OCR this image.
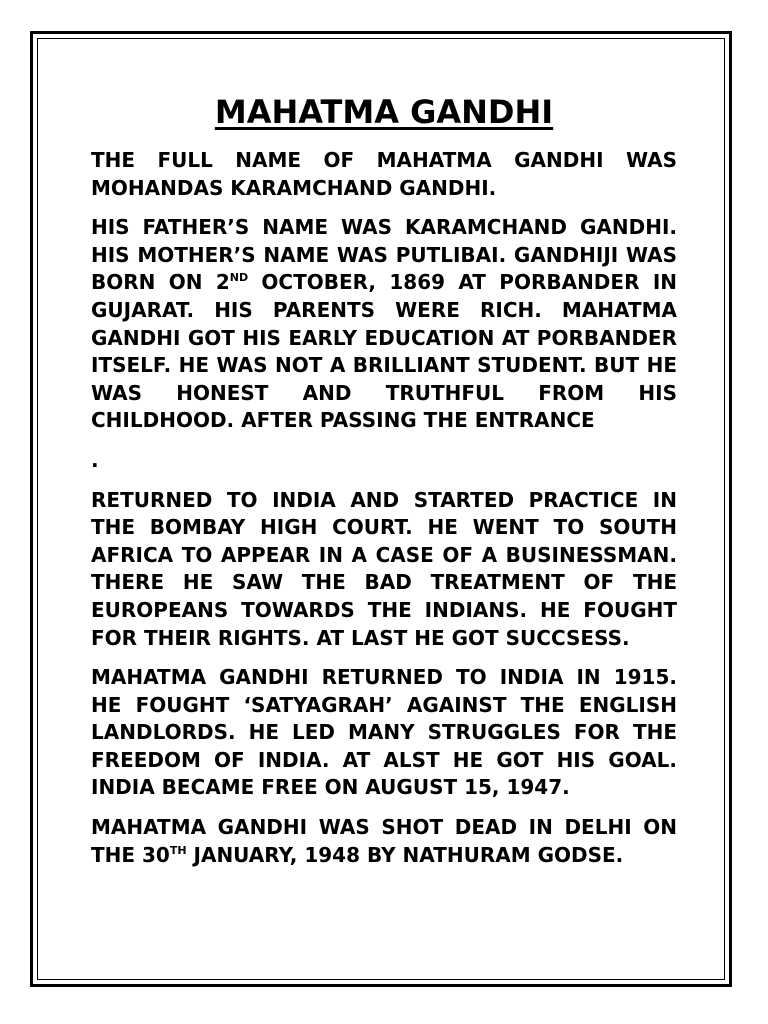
MAHATMA GANDHI

THE FULL NAME OF MAHATMA GANDHI WAS MOHANDAS KARAMCHAND GANDHI.

HIS FATHER’S NAME WAS KARAMCHAND GANDHI. HIS MOTHER’S NAME WAS PUTLIBAI. GANDHIJI WAS BORN ON 2ND OCTOBER, 1869 AT PORBANDER IN GUJARAT. HIS PARENTS WERE RICH. MAHATMA GANDHI GOT HIS EARLY EDUCATION AT PORBANDER ITSELF. HE WAS NOT A BRILLIANT STUDENT. BUT HE WAS HONEST AND TRUTHFUL FROM HIS CHILDHOOD. AFTER PASSING THE ENTRANCE

.

RETURNED TO INDIA AND STARTED PRACTICE IN THE BOMBAY HIGH COURT. HE WENT TO SOUTH AFRICA TO APPEAR IN A CASE OF A BUSINESSMAN. THERE HE SAW THE BAD TREATMENT OF THE EUROPEANS TOWARDS THE INDIANS. HE FOUGHT FOR THEIR RIGHTS. AT LAST HE GOT SUCCSESS.

MAHATMA GANDHI RETURNED TO INDIA IN 1915. HE FOUGHT ‘SATYAGRAH’ AGAINST THE ENGLISH LANDLORDS. HE LED MANY STRUGGLES FOR THE FREEDOM OF INDIA. AT ALST HE GOT HIS GOAL. INDIA BECAME FREE ON AUGUST 15, 1947.

MAHATMA GANDHI WAS SHOT DEAD IN DELHI ON THE 30TH JANUARY, 1948 BY NATHURAM GODSE.
